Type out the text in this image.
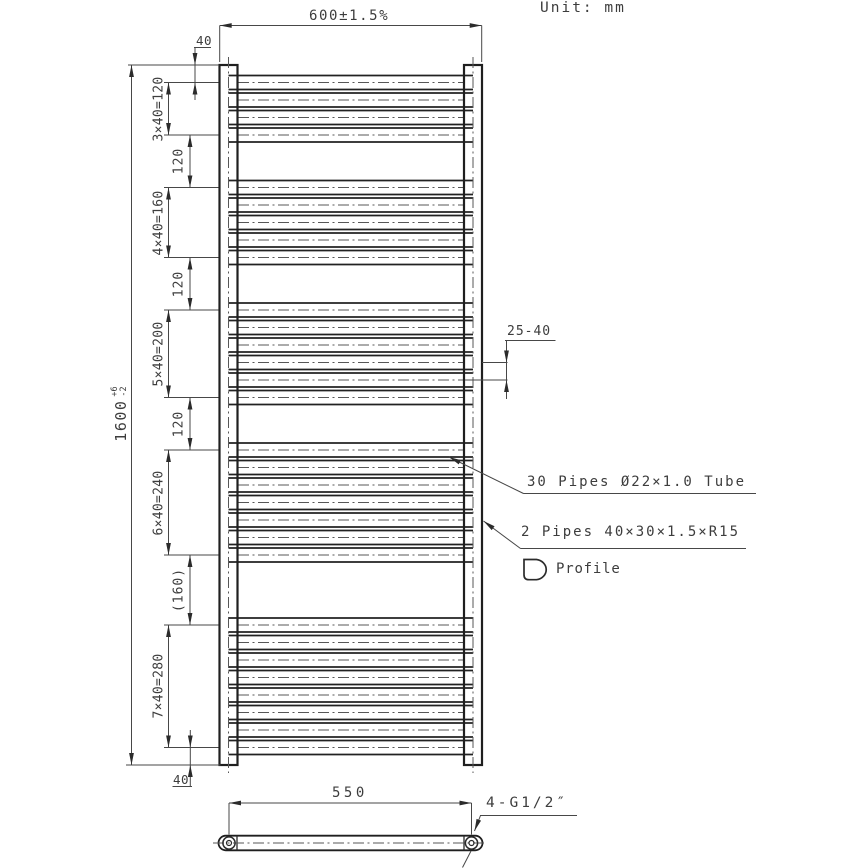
Unit: mm
600±1.5%
40
1600
+6
-2
3×40=120
4×40=160
5×40=200
6×40=240
7×40=280
120
120
120
(160)
25-40
30 Pipes Ø22×1.0 Tube
2 Pipes 40×30×1.5×R15
Profile
550
4-G1/2″
40
